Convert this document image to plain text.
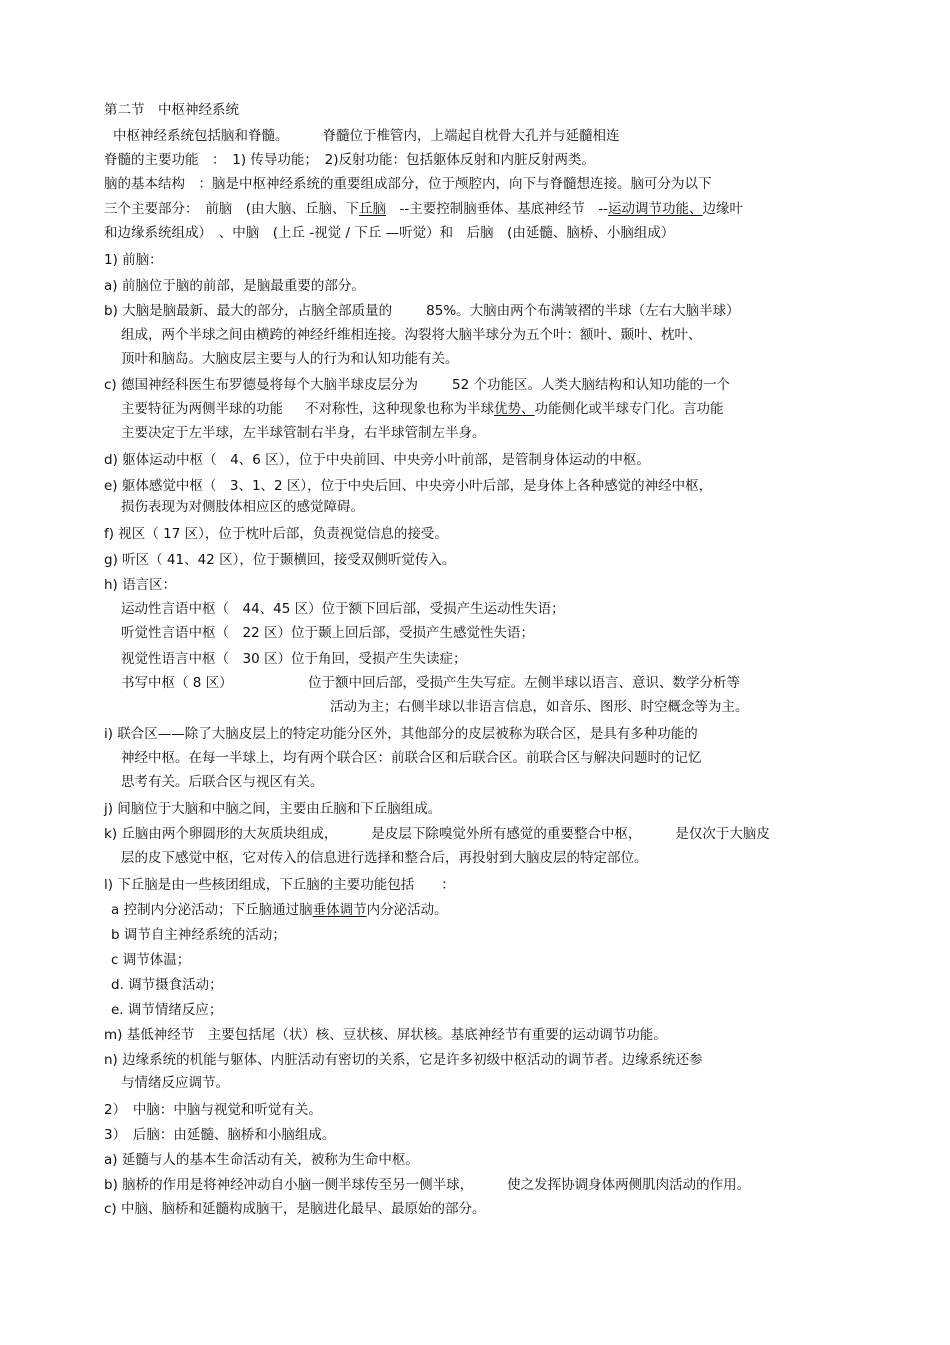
第二节　中枢神经系统
中枢神经系统包括脑和脊髓。	脊髓位于椎管内，上端起自枕骨大孔并与延髓相连
脊髓的主要功能　：　1) 传导功能；　2)反射功能：包括躯体反射和内脏反射两类。
脑的基本结构　：脑是中枢神经系统的重要组成部分，位于颅腔内，向下与脊髓想连接。脑可分为以下
三个主要部分：　前脑　(由大脑、丘脑、下丘脑　--主要控制脑垂体、基底神经节　--运动调节功能、边缘叶
和边缘系统组成）　、中脑　(上丘 -视觉 / 下丘 —听觉）和　后脑　(由延髓、脑桥、小脑组成）
1) 前脑：
a) 前脑位于脑的前部，是脑最重要的部分。
b) 大脑是脑最新、最大的部分，占脑全部质量的	85%。大脑由两个布满皱褶的半球（左右大脑半球）
组成，两个半球之间由横跨的神经纤维相连接。沟裂将大脑半球分为五个叶：额叶、颞叶、枕叶、
顶叶和脑岛。大脑皮层主要与人的行为和认知功能有关。
c) 德国神经科医生布罗德曼将每个大脑半球皮层分为	52 个功能区。人类大脑结构和认知功能的一个
主要特征为两侧半球的功能 不对称性，这种现象也称为半球优势、功能侧化或半球专门化。言功能
主要决定于左半球，左半球管制右半身，右半球管制左半身。
d) 躯体运动中枢（　4、6 区），位于中央前回、中央旁小叶前部，是管制身体运动的中枢。
e) 躯体感觉中枢（　3、1、2 区），位于中央后回、中央旁小叶后部，是身体上各种感觉的神经中枢，
损伤表现为对侧肢体相应区的感觉障碍。
f) 视区（ 17 区），位于枕叶后部，负责视觉信息的接受。
g) 听区（ 41、42 区），位于颞横回，接受双侧听觉传入。
h) 语言区：
运动性言语中枢（　44、45 区）位于额下回后部，受损产生运动性失语；
听觉性言语中枢（　22 区）位于颞上回后部，受损产生感觉性失语；
视觉性语言中枢（　30 区）位于角回，受损产生失读症；
书写中枢（ 8 区）	位于额中回后部，受损产生失写症。左侧半球以语言、意识、数学分析等
活动为主；右侧半球以非语言信息，如音乐、图形、时空概念等为主。
i) 联合区——除了大脑皮层上的特定功能分区外，其他部分的皮层被称为联合区，是具有多种功能的
神经中枢。在每一半球上，均有两个联合区：前联合区和后联合区。前联合区与解决问题时的记忆
思考有关。后联合区与视区有关。
j) 间脑位于大脑和中脑之间，主要由丘脑和下丘脑组成。
k) 丘脑由两个卵圆形的大灰质块组成，	是皮层下除嗅觉外所有感觉的重要整合中枢，	是仅次于大脑皮
层的皮下感觉中枢，它对传入的信息进行选择和整合后，再投射到大脑皮层的特定部位。
l) 下丘脑是由一些核团组成，下丘脑的主要功能包括　　：
a 控制内分泌活动；下丘脑通过脑垂体调节内分泌活动。
b 调节自主神经系统的活动；
c 调节体温；
d. 调节摄食活动；
e. 调节情绪反应；
m) 基低神经节　主要包括尾（状）核、豆状核、屏状核。基底神经节有重要的运动调节功能。
n) 边缘系统的机能与躯体、内脏活动有密切的关系，它是许多初级中枢活动的调节者。边缘系统还参
与情绪反应调节。
2）　中脑：中脑与视觉和听觉有关。
3）　后脑：由延髓、脑桥和小脑组成。
a) 延髓与人的基本生命活动有关，被称为生命中枢。
b) 脑桥的作用是将神经冲动自小脑一侧半球传至另一侧半球，	使之发挥协调身体两侧肌肉活动的作用。
c) 中脑、脑桥和延髓构成脑干，是脑进化最早、最原始的部分。
